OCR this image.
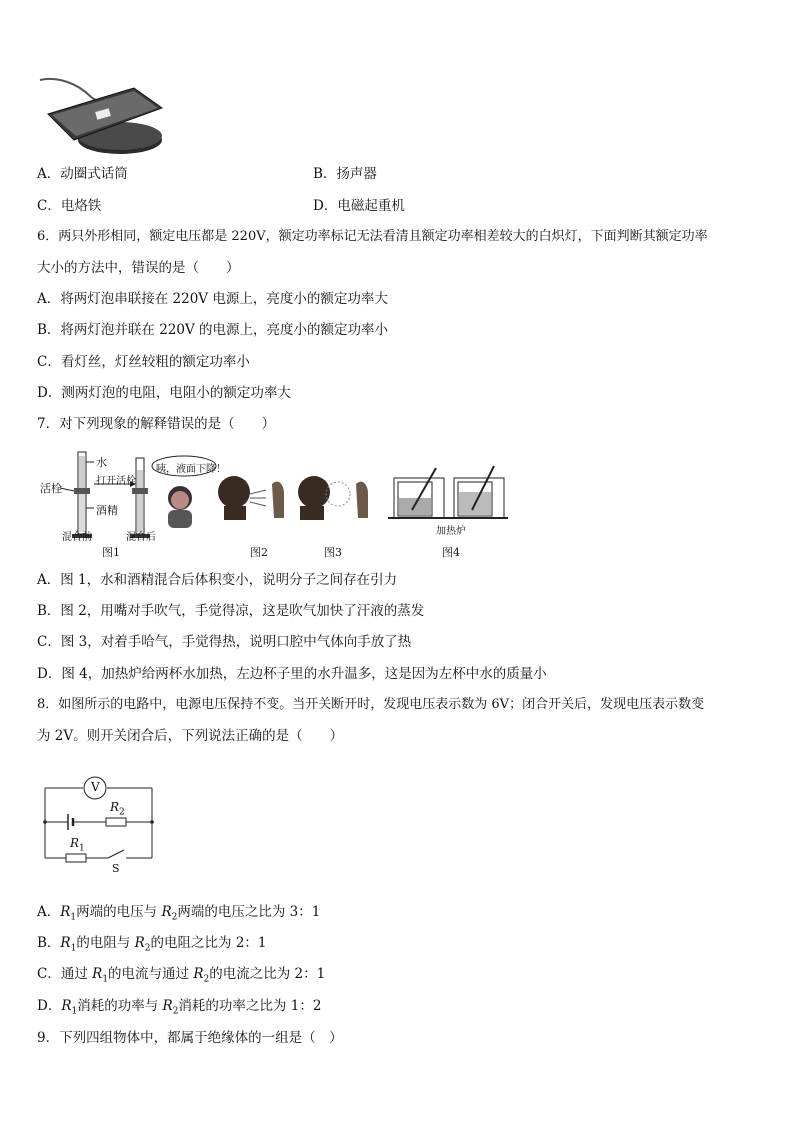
A．动圈式话筒	B．扬声器
C．电烙铁	D．电磁起重机
6．两只外形相同，额定电压都是 220V，额定功率标记无法看清且额定功率相差较大的白炽灯，下面判断其额定功率
大小的方法中，错误的是（　　）
A．将两灯泡串联接在 220V 电源上，亮度小的额定功率大
B．将两灯泡并联在 220V 的电源上，亮度小的额定功率小
C．看灯丝，灯丝较粗的额定功率小
D．测两灯泡的电阻，电阻小的额定功率大
7．对下列现象的解释错误的是（　　）
水
活栓
打开活栓
酒精
混合前	混合后
咦，液面下降！
加热炉
图1	图2	图3	图4
A．图 1，水和酒精混合后体积变小，说明分子之间存在引力
B．图 2，用嘴对手吹气，手觉得凉，这是吹气加快了汗液的蒸发
C．图 3，对着手哈气，手觉得热，说明口腔中气体向手放了热
D．图 4，加热炉给两杯水加热，左边杯子里的水升温多，这是因为左杯中水的质量小
8．如图所示的电路中，电源电压保持不变。当开关断开时，发现电压表示数为 6V；闭合开关后，发现电压表示数变
为 2V。则开关闭合后，下列说法正确的是（　　）
V
$R_2$
$R_1$
S
A．$R_1$两端的电压与 $R_2$两端的电压之比为 3：1
B．$R_1$的电阻与 $R_2$的电阻之比为 2：1
C．通过 $R_1$的电流与通过 $R_2$的电流之比为 2：1
D．$R_1$消耗的功率与 $R_2$消耗的功率之比为 1：2
9．下列四组物体中，都属于绝缘体的一组是（　）
